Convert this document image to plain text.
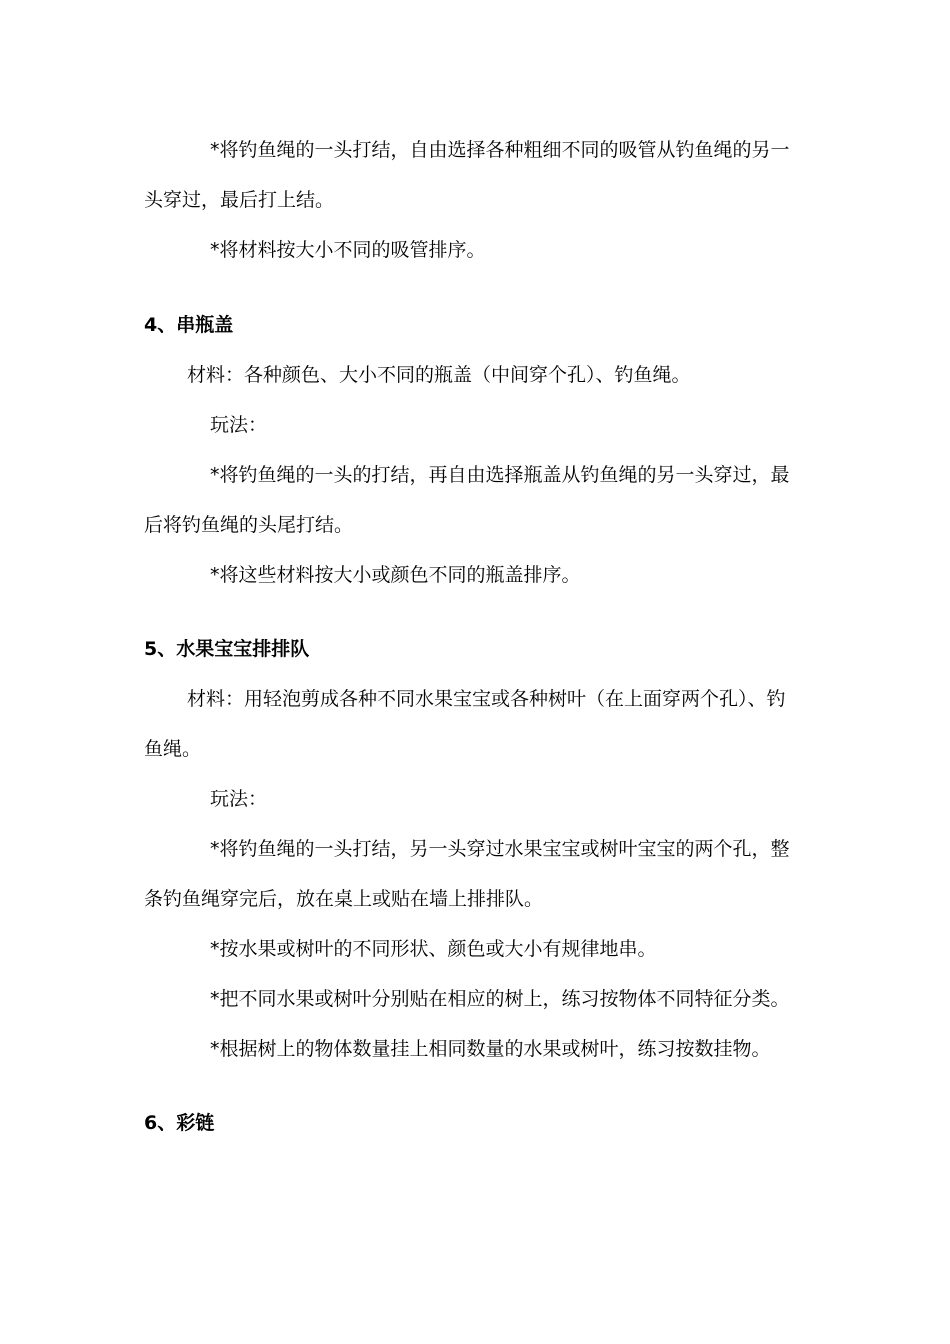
*将钓鱼绳的一头打结，自由选择各种粗细不同的吸管从钓鱼绳的另一
头穿过，最后打上结。
*将材料按大小不同的吸管排序。
4、串瓶盖
材料：各种颜色、大小不同的瓶盖（中间穿个孔）、钓鱼绳。
玩法：
*将钓鱼绳的一头的打结，再自由选择瓶盖从钓鱼绳的另一头穿过，最
后将钓鱼绳的头尾打结。
*将这些材料按大小或颜色不同的瓶盖排序。
5、水果宝宝排排队
材料：用轻泡剪成各种不同水果宝宝或各种树叶（在上面穿两个孔）、钓
鱼绳。
玩法：
*将钓鱼绳的一头打结，另一头穿过水果宝宝或树叶宝宝的两个孔，整
条钓鱼绳穿完后，放在桌上或贴在墙上排排队。
*按水果或树叶的不同形状、颜色或大小有规律地串。
*把不同水果或树叶分别贴在相应的树上，练习按物体不同特征分类。
*根据树上的物体数量挂上相同数量的水果或树叶，练习按数挂物。
6、彩链
